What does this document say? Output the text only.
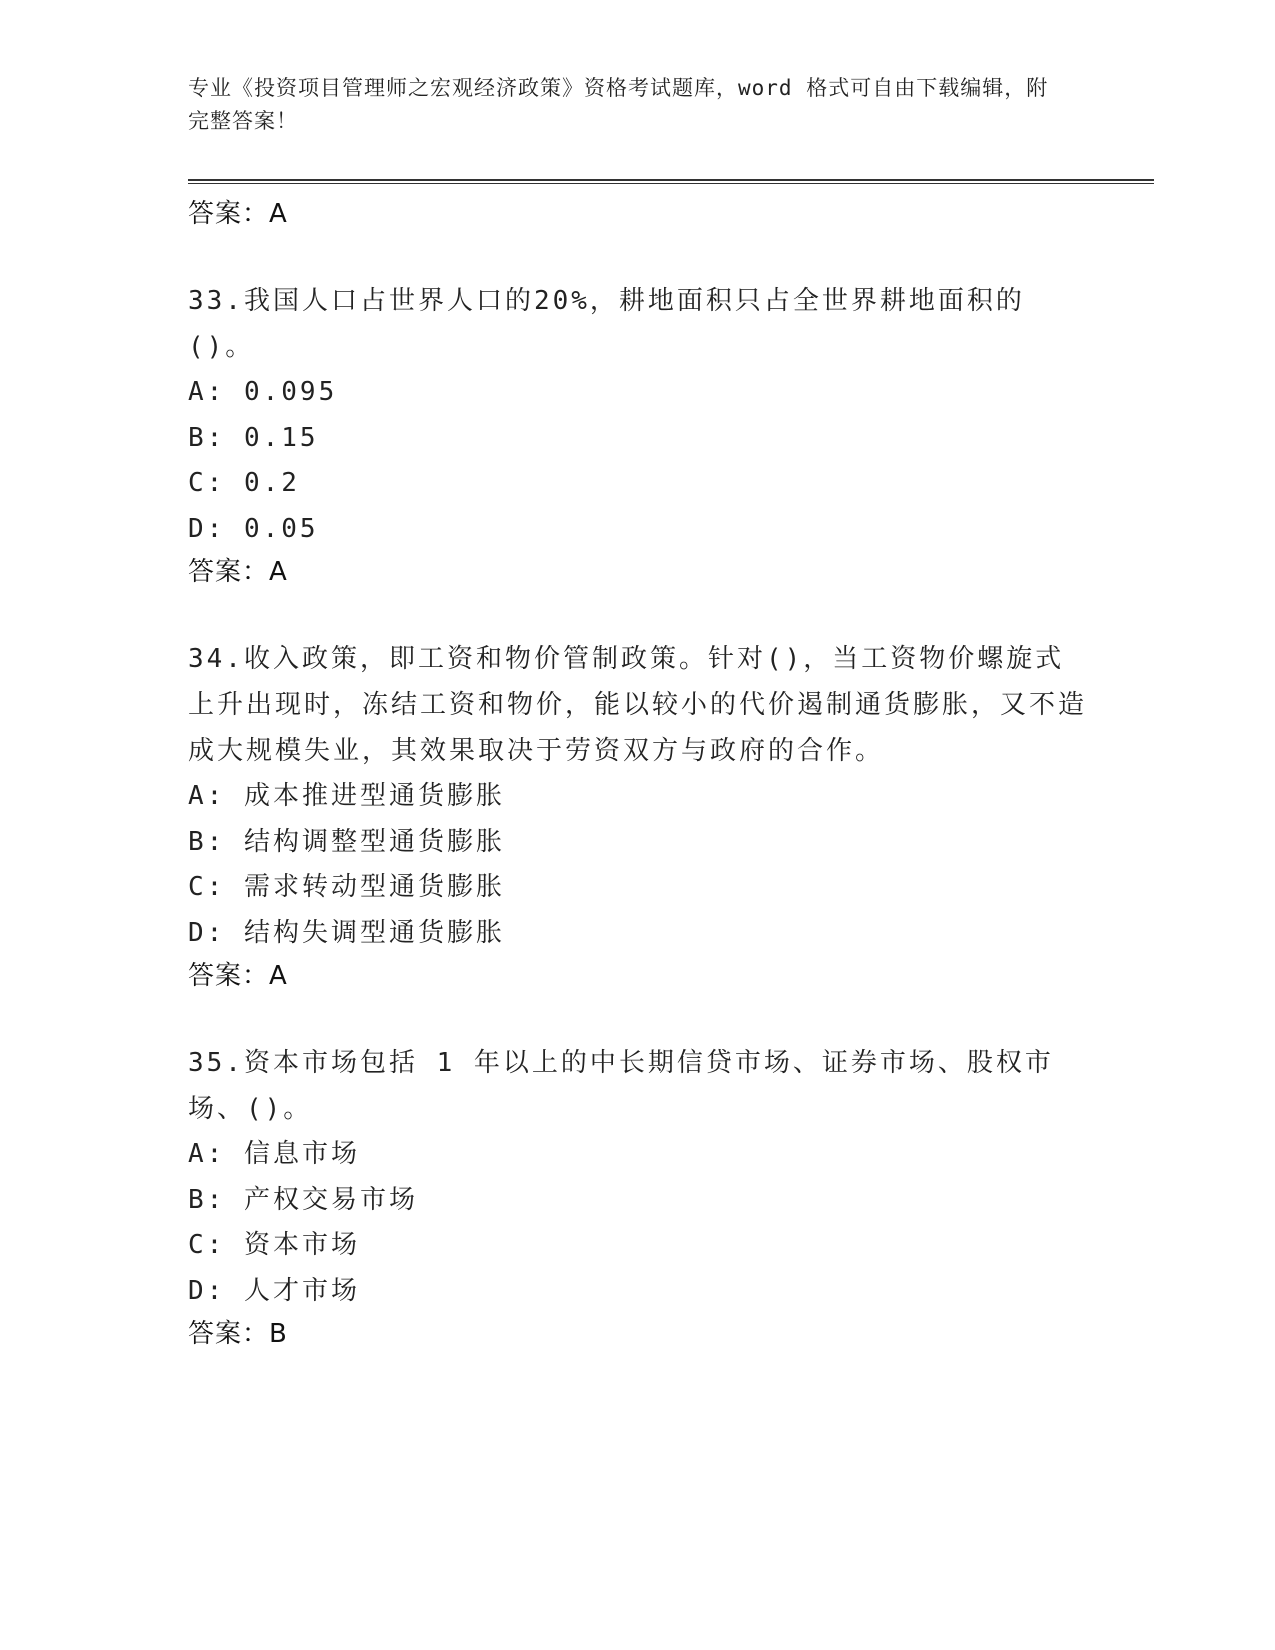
专业《投资项目管理师之宏观经济政策》资格考试题库，word 格式可自由下载编辑，附完整答案！
答案：A
33.我国人口占世界人口的20%，耕地面积只占全世界耕地面积的()。
A: 0.095
B: 0.15
C: 0.2
D: 0.05
答案：A
34.收入政策，即工资和物价管制政策。针对()，当工资物价螺旋式上升出现时，冻结工资和物价，能以较小的代价遏制通货膨胀，又不造成大规模失业，其效果取决于劳资双方与政府的合作。
A: 成本推进型通货膨胀
B: 结构调整型通货膨胀
C: 需求转动型通货膨胀
D: 结构失调型通货膨胀
答案：A
35.资本市场包括 1 年以上的中长期信贷市场、证券市场、股权市场、()。
A: 信息市场
B: 产权交易市场
C: 资本市场
D: 人才市场
答案：B
